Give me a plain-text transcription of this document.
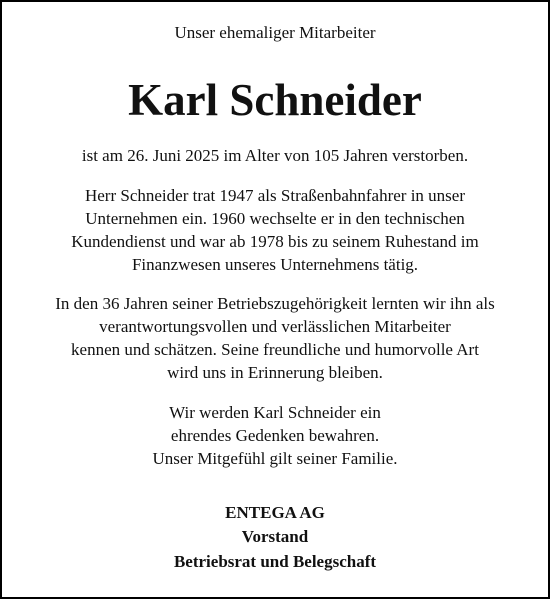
Unser ehemaliger Mitarbeiter
Karl Schneider
ist am 26. Juni 2025 im Alter von 105 Jahren verstorben.
Herr Schneider trat 1947 als Straßenbahnfahrer in unser
Unternehmen ein. 1960 wechselte er in den technischen
Kundendienst und war ab 1978 bis zu seinem Ruhestand im
Finanzwesen unseres Unternehmens tätig.
In den 36 Jahren seiner Betriebszugehörigkeit lernten wir ihn als
verantwortungsvollen und verlässlichen Mitarbeiter
kennen und schätzen. Seine freundliche und humorvolle Art
wird uns in Erinnerung bleiben.
Wir werden Karl Schneider ein
ehrendes Gedenken bewahren.
Unser Mitgefühl gilt seiner Familie.
ENTEGA AG
Vorstand
Betriebsrat und Belegschaft
